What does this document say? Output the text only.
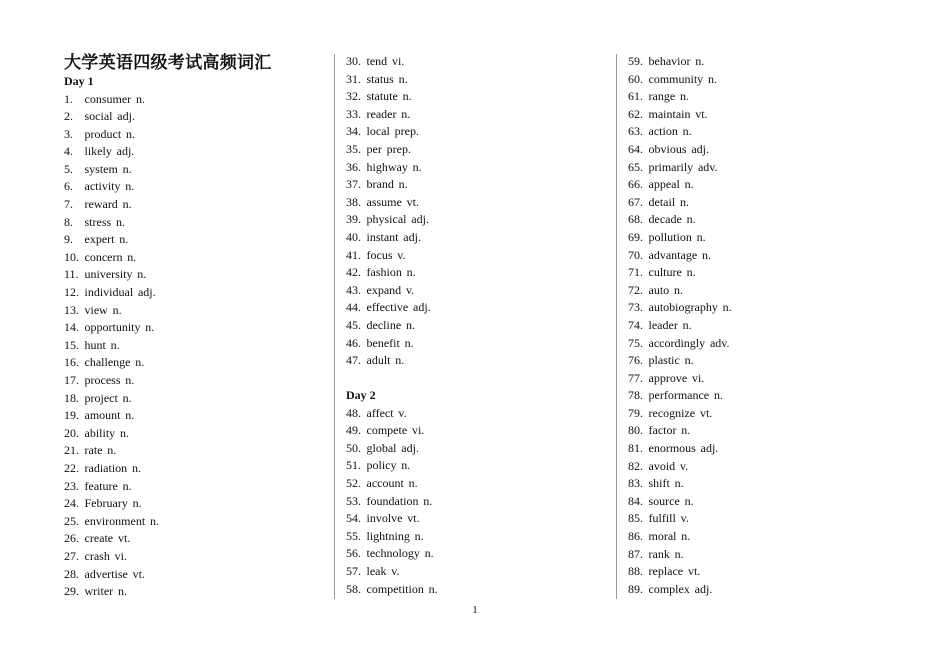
大学英语四级考试高频词汇
Day 1
1. consumer n.
2. social adj.
3. product n.
4. likely adj.
5. system n.
6. activity n.
7. reward n.
8. stress n.
9. expert n.
10. concern n.
11. university n.
12. individual adj.
13. view n.
14. opportunity n.
15. hunt n.
16. challenge n.
17. process n.
18. project n.
19. amount n.
20. ability n.
21. rate n.
22. radiation n.
23. feature n.
24. February n.
25. environment n.
26. create vt.
27. crash vi.
28. advertise vt.
29. writer n.
30. tend vi.
31. status n.
32. statute n.
33. reader n.
34. local prep.
35. per prep.
36. highway n.
37. brand n.
38. assume vt.
39. physical adj.
40. instant adj.
41. focus v.
42. fashion n.
43. expand v.
44. effective adj.
45. decline n.
46. benefit n.
47. adult n.
Day 2
48. affect v.
49. compete vi.
50. global adj.
51. policy n.
52. account n.
53. foundation n.
54. involve vt.
55. lightning n.
56. technology n.
57. leak v.
58. competition n.
59. behavior n.
60. community n.
61. range n.
62. maintain vt.
63. action n.
64. obvious adj.
65. primarily adv.
66. appeal n.
67. detail n.
68. decade n.
69. pollution n.
70. advantage n.
71. culture n.
72. auto n.
73. autobiography n.
74. leader n.
75. accordingly adv.
76. plastic n.
77. approve vi.
78. performance n.
79. recognize vt.
80. factor n.
81. enormous adj.
82. avoid v.
83. shift n.
84. source n.
85. fulfill v.
86. moral n.
87. rank n.
88. replace vt.
89. complex adj.
1
